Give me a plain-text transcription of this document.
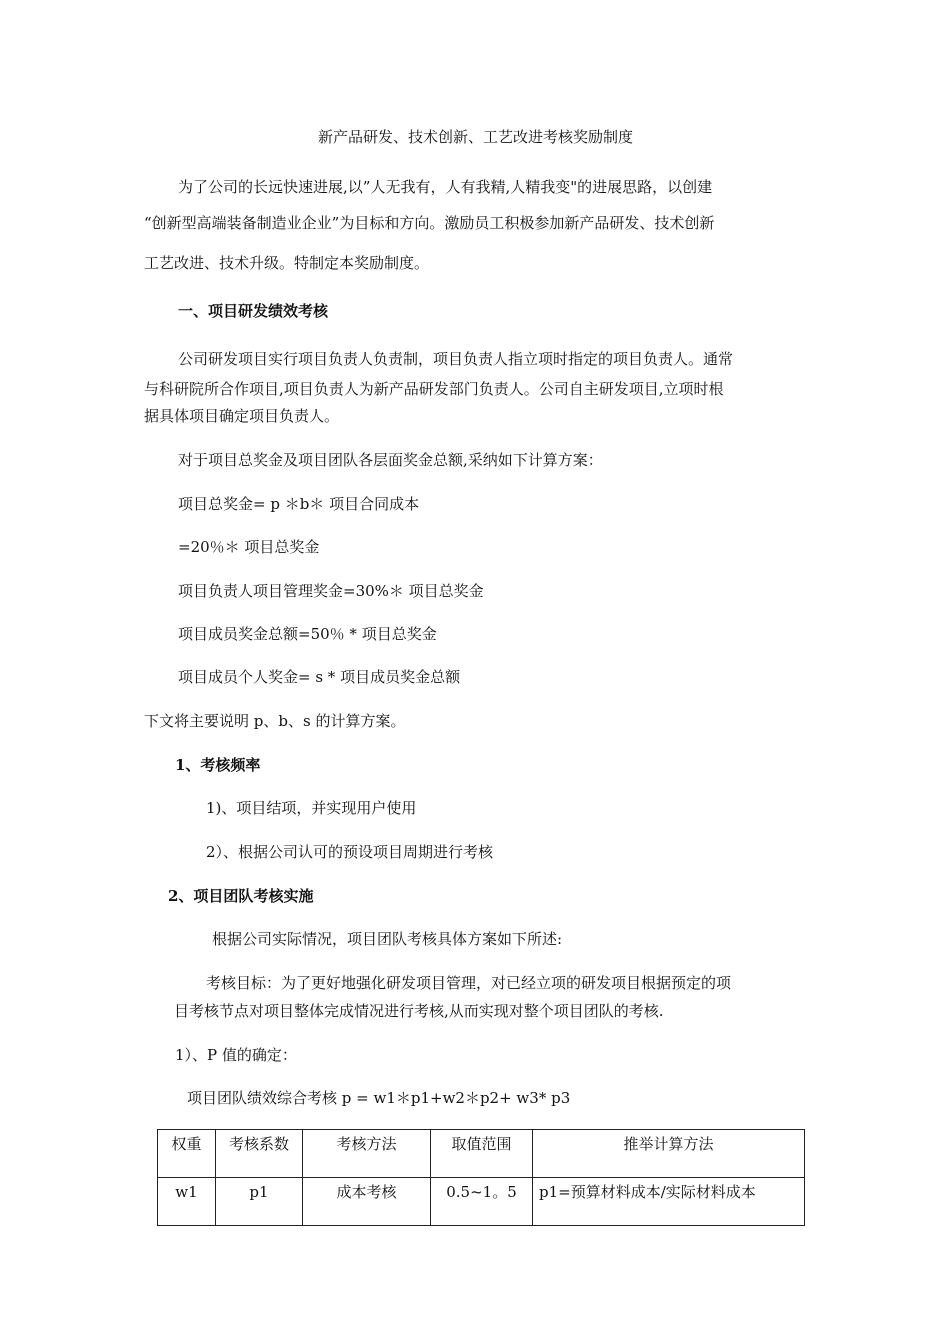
新产品研发、技术创新、工艺改进考核奖励制度
为了公司的长远快速进展,以”人无我有，人有我精,人精我变"的进展思路，以创建
“创新型高端装备制造业企业”为目标和方向。激励员工积极参加新产品研发、技术创新
工艺改进、技术升级。特制定本奖励制度。
一、项目研发绩效考核
公司研发项目实行项目负责人负责制，项目负责人指立项时指定的项目负责人。通常
与科研院所合作项目,项目负责人为新产品研发部门负责人。公司自主研发项目,立项时根
据具体项目确定项目负责人。
对于项目总奖金及项目团队各层面奖金总额,采纳如下计算方案：
项目总奖金= p ＊b＊ 项目合同成本
=20％＊ 项目总奖金
项目负责人项目管理奖金=30%＊ 项目总奖金
项目成员奖金总额=50％ * 项目总奖金
项目成员个人奖金= s * 项目成员奖金总额
下文将主要说明 p、b、s 的计算方案。
1、考核频率
1)、项目结项，并实现用户使用
2）、根据公司认可的预设项目周期进行考核
2、项目团队考核实施
根据公司实际情况，项目团队考核具体方案如下所述:
考核目标：为了更好地强化研发项目管理，对已经立项的研发项目根据预定的项
目考核节点对项目整体完成情况进行考核,从而实现对整个项目团队的考核.
1）、P 值的确定：
项目团队绩效综合考核 p = w1＊p1+w2＊p2+ w3* p3
权重	考核系数	考核方法	取值范围	推举计算方法
w1	p1	成本考核	0.5~1。5	p1=预算材料成本/实际材料成本
